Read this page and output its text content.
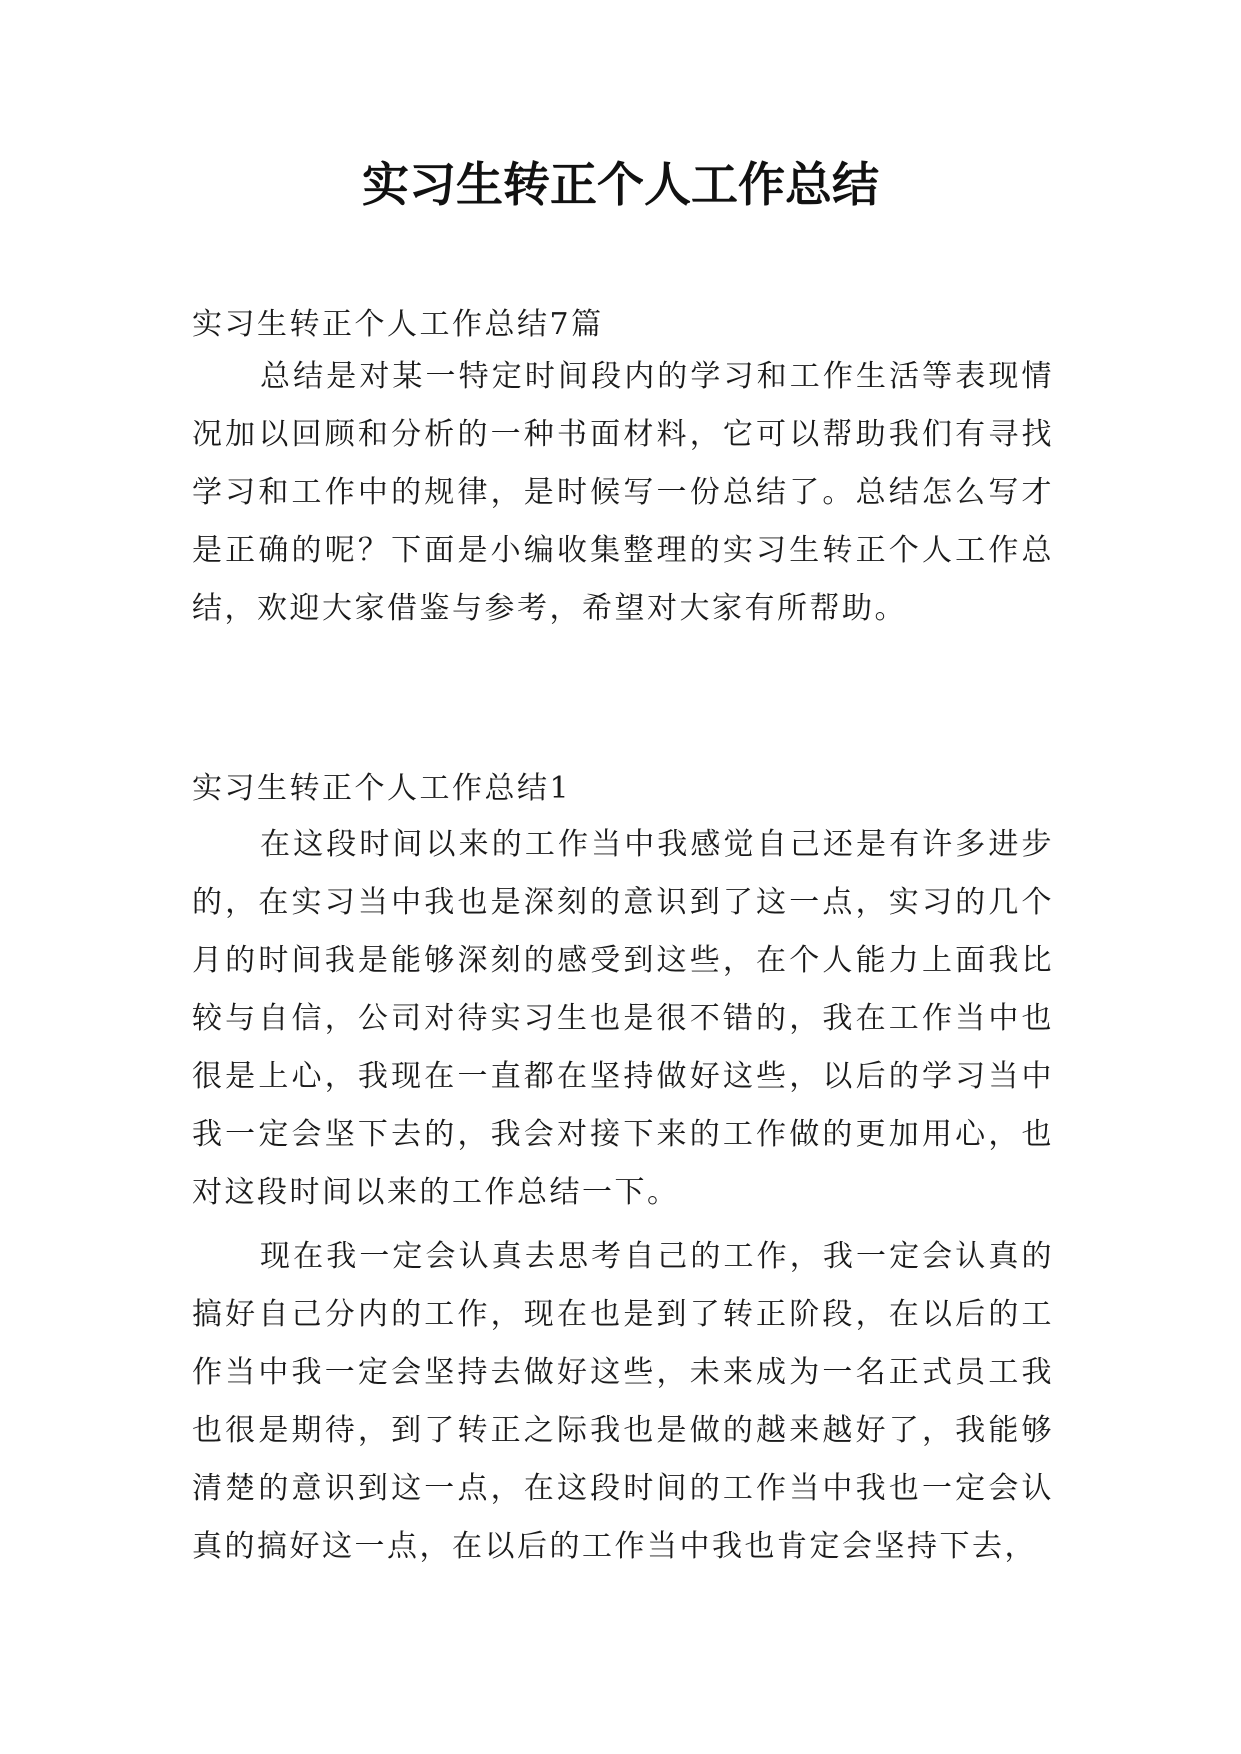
实习生转正个人工作总结

实习生转正个人工作总结7篇

总结是对某一特定时间段内的学习和工作生活等表现情况加以回顾和分析的一种书面材料，它可以帮助我们有寻找学习和工作中的规律，是时候写一份总结了。总结怎么写才是正确的呢？下面是小编收集整理的实习生转正个人工作总结，欢迎大家借鉴与参考，希望对大家有所帮助。

实习生转正个人工作总结1

在这段时间以来的工作当中我感觉自己还是有许多进步的，在实习当中我也是深刻的意识到了这一点，实习的几个月的时间我是能够深刻的感受到这些，在个人能力上面我比较与自信，公司对待实习生也是很不错的，我在工作当中也很是上心，我现在一直都在坚持做好这些，以后的学习当中我一定会坚下去的，我会对接下来的工作做的更加用心，也对这段时间以来的工作总结一下。

现在我一定会认真去思考自己的工作，我一定会认真的搞好自己分内的工作，现在也是到了转正阶段，在以后的工作当中我一定会坚持去做好这些，未来成为一名正式员工我也很是期待，到了转正之际我也是做的越来越好了，我能够清楚的意识到这一点，在这段时间的工作当中我也一定会认真的搞好这一点，在以后的工作当中我也肯定会坚持下去，
